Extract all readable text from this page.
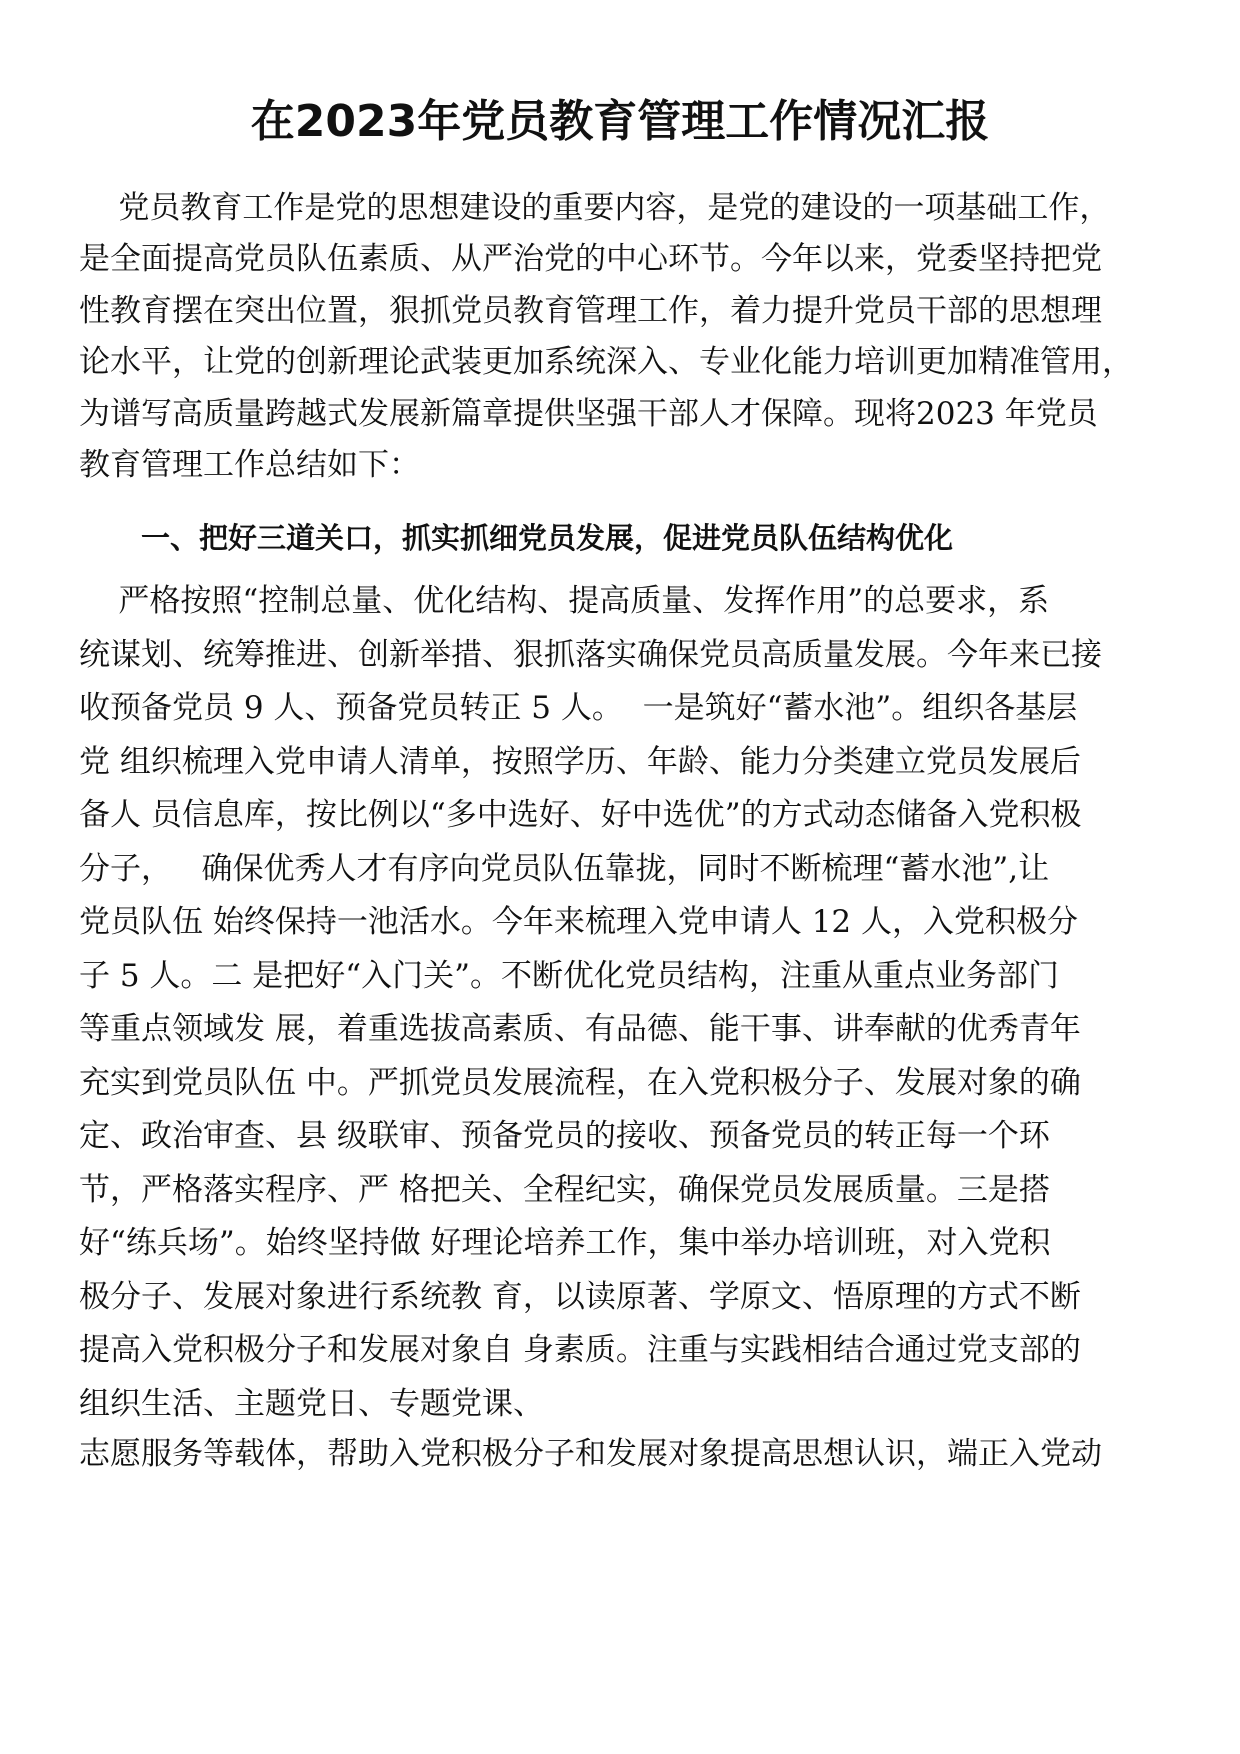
在2023年党员教育管理工作情况汇报

党员教育工作是党的思想建设的重要内容，是党的建设的一项基础工作，

是全面提高党员队伍素质、从严治党的中心环节。今年以来，党委坚持把党

性教育摆在突出位置，狠抓党员教育管理工作，着力提升党员干部的思想理

论水平，让党的创新理论武装更加系统深入、专业化能力培训更加精准管用，

为谱写高质量跨越式发展新篇章提供坚强干部人才保障。现将2023 年党员

教育管理工作总结如下：

一、把好三道关口，抓实抓细党员发展，促进党员队伍结构优化

严格按照“控制总量、优化结构、提高质量、发挥作用”的总要求，系

统谋划、统筹推进、创新举措、狠抓落实确保党员高质量发展。今年来已接

收预备党员 9 人、预备党员转正 5 人。  一是筑好“蓄水池”。组织各基层

党 组织梳理入党申请人清单，按照学历、年龄、能力分类建立党员发展后

备人 员信息库，按比例以“多中选好、好中选优”的方式动态储备入党积极

分子，   确保优秀人才有序向党员队伍靠拢，同时不断梳理“蓄水池”,让

党员队伍 始终保持一池活水。今年来梳理入党申请人 12 人，入党积极分

子 5 人。二 是把好“入门关”。不断优化党员结构，注重从重点业务部门

等重点领域发 展，着重选拔高素质、有品德、能干事、讲奉献的优秀青年

充实到党员队伍 中。严抓党员发展流程，在入党积极分子、发展对象的确

定、政治审查、县 级联审、预备党员的接收、预备党员的转正每一个环

节，严格落实程序、严 格把关、全程纪实，确保党员发展质量。三是搭

好“练兵场”。始终坚持做 好理论培养工作，集中举办培训班，对入党积

极分子、发展对象进行系统教 育，以读原著、学原文、悟原理的方式不断

提高入党积极分子和发展对象自 身素质。注重与实践相结合通过党支部的

组织生活、主题党日、专题党课、

志愿服务等载体，帮助入党积极分子和发展对象提高思想认识，端正入党动
